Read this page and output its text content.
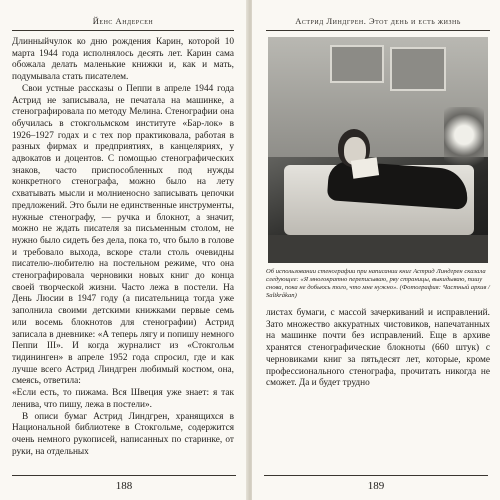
Йенс Андерсен

Длинныйчулок ко дню рождения Карин, которой 10 марта 1944 года исполнялось десять лет. Карин сама обожала делать маленькие книжки и, как и мать, подумывала стать писателем.

Свои устные рассказы о Пеппи в апреле 1944 года Астрид не записывала, не печатала на машинке, а стенографировала по методу Мелина. Стенографии она обучилась в стокгольмском институте «Бар-лок» в 1926–1927 годах и с тех пор практиковала, работая в разных фирмах и предприятиях, в канцеляриях, у адвокатов и доцентов. С помощью стенографических знаков, часто приспособленных под нужды конкретного стенографа, можно было на лету схватывать мысли и молниеносно записывать цепочки предложений. Это были не единственные инструменты, нужные стенографу, — ручка и блокнот, а значит, можно не ждать писателя за письменным столом, не нужно было сидеть без дела, пока то, что было в голове и требовало выхода, вскоре стали столь очевидны писателю-любителю на постельном режиме, что она стенографировала черновики новых книг до конца своей творческой жизни. Часто лежа в постели. На День Люсии в 1947 году (а писательница тогда уже заполнила своими детскими книжками первые семь или восемь блокнотов для стенографии) Астрид записала в дневнике: «А теперь лягу и попишу немного Пеппи III». И когда журналист из «Стокгольм тидининген» в апреле 1952 года спросил, где и как лучше всего Астрид Линдгрен любимый костюм, она, смеясь, ответила:

«Если есть, то пижама. Вся Швеция уже знает: я так ленива, что пишу, лежа в постели».

В описи бумаг Астрид Линдгрен, хранящихся в Национальной библиотеке в Стокгольме, содержится очень немного рукописей, написанных по старинке, от руки, на отдельных

188
Астрид Линдгрен. Этот день и есть жизнь
Об использовании стенографии при написании книг Астрид Линдгрен сказала следующее: «Я многократно переписываю, рву страницы, выкидываю, пишу снова, пока не добьюсь того, что мне нужно». (Фотография: Частный архив / Saltkråkan)

листах бумаги, с массой зачеркиваний и исправлений. Зато множество аккуратных чистовиков, напечатанных на машинке почти без исправлений. Еще в архиве хранятся стенографические блокноты (660 штук) с черновиками книг за пятьдесят лет, которые, кроме профессионального стенографа, прочитать никогда не сможет. Да и будет трудно

189
